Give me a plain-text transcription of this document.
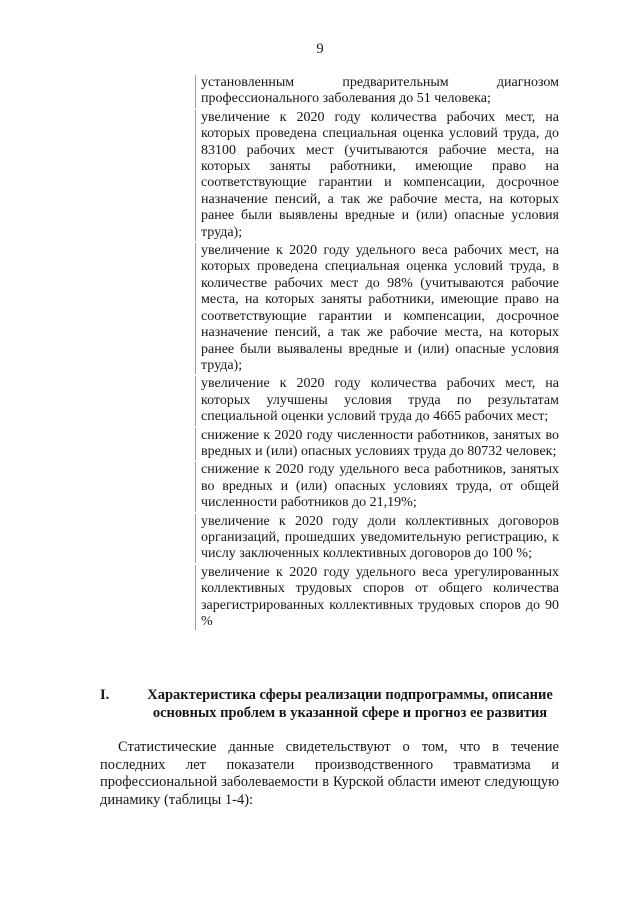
9
установленным предварительным диагнозом профессионального заболевания до 51 человека;
увеличение к 2020 году количества рабочих мест, на которых проведена специальная оценка условий труда, до 83100 рабочих мест (учитываются рабочие места, на которых заняты работники, имеющие право на соответствующие гарантии и компенсации, досрочное назначение пенсий, а так же рабочие места, на которых ранее были выявлены вредные и (или) опасные условия труда);
увеличение к 2020 году удельного веса рабочих мест, на которых проведена специальная оценка условий труда, в количестве рабочих мест до 98% (учитываются рабочие места, на которых заняты работники, имеющие право на соответствующие гарантии и компенсации, досрочное назначение пенсий, а так же рабочие места, на которых ранее были выявалены вредные и (или) опасные условия труда);
увеличение к 2020 году количества рабочих мест, на которых улучшены условия труда по результатам специальной оценки условий труда до 4665 рабочих мест;
снижение к 2020 году численности работников, занятых во вредных и (или) опасных условиях труда до 80732 человек;
снижение к 2020 году удельного веса работников, занятых во вредных и (или) опасных условиях труда, от общей численности работников до 21,19%;
увеличение к 2020 году доли коллективных договоров организаций, прошедших уведомительную регистрацию, к числу заключенных коллективных договоров до 100 %;
увеличение к 2020 году удельного веса урегулированных коллективных трудовых споров от общего количества зарегистрированных коллективных трудовых споров до 90 %
I.	Характеристика сферы реализации подпрограммы, описание основных проблем в указанной сфере и прогноз ее развития
Статистические данные свидетельствуют о том, что в течение последних лет показатели производственного травматизма и профессиональной заболеваемости в Курской области имеют следующую динамику (таблицы 1-4):
